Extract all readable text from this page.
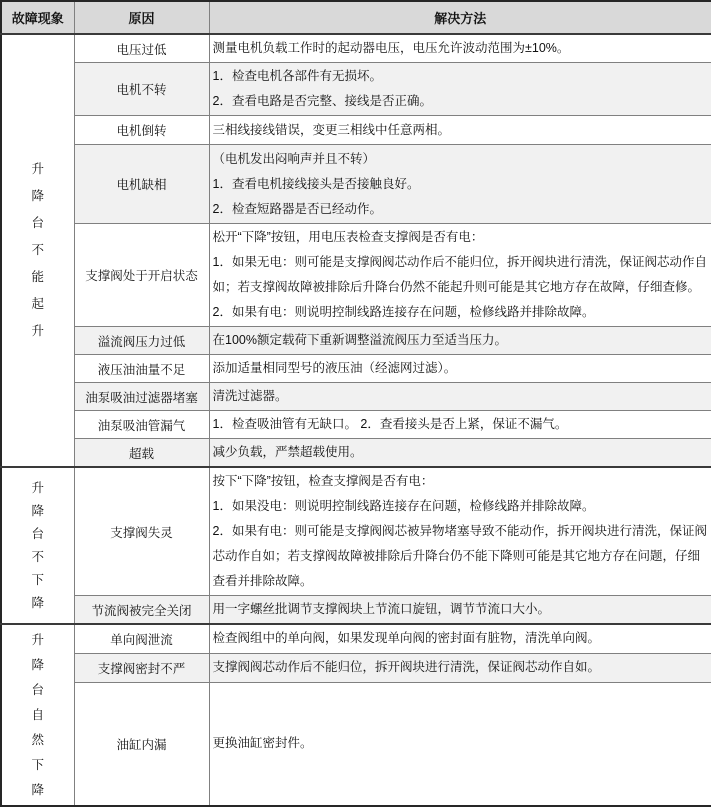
故障现象	原因	解决方法

升降台不能起升	电压过低	测量电机负载工作时的起动器电压，电压允许波动范围为±10%。

	电机不转	1．检查电机各部件有无损坏。
2．查看电路是否完整、接线是否正确。

	电机倒转	三相线接线错误，变更三相线中任意两相。

	电机缺相	（电机发出闷响声并且不转）
1．查看电机接线接头是否接触良好。
2．检查短路器是否已经动作。

	支撑阀处于开启状态	松开“下降”按钮，用电压表检查支撑阀是否有电：
1．如果无电：则可能是支撑阀阀芯动作后不能归位，拆开阀块进行清洗，保证阀芯动作自如；若支撑阀故障被排除后升降台仍然不能起升则可能是其它地方存在故障，仔细查修。
2．如果有电：则说明控制线路连接存在问题，检修线路并排除故障。

	溢流阀压力过低	在100%额定载荷下重新调整溢流阀压力至适当压力。

	液压油油量不足	添加适量相同型号的液压油（经滤网过滤）。

	油泵吸油过滤器堵塞	清洗过滤器。

	油泵吸油管漏气	1．检查吸油管有无缺口。 2．查看接头是否上紧，保证不漏气。

	超载	减少负载，严禁超载使用。

升降台不下降	支撑阀失灵	按下“下降”按钮，检查支撑阀是否有电：
1．如果没电：则说明控制线路连接存在问题，检修线路并排除故障。
2．如果有电：则可能是支撑阀阀芯被异物堵塞导致不能动作，拆开阀块进行清洗，保证阀芯动作自如；若支撑阀故障被排除后升降台仍不能下降则可能是其它地方存在问题，仔细查看并排除故障。

	节流阀被完全关闭	用一字螺丝批调节支撑阀块上节流口旋钮，调节节流口大小。

升降台自然下降	单向阀泄流	检查阀组中的单向阀，如果发现单向阀的密封面有脏物，清洗单向阀。

	支撑阀密封不严	支撑阀阀芯动作后不能归位，拆开阀块进行清洗，保证阀芯动作自如。

	油缸内漏	更换油缸密封件。
